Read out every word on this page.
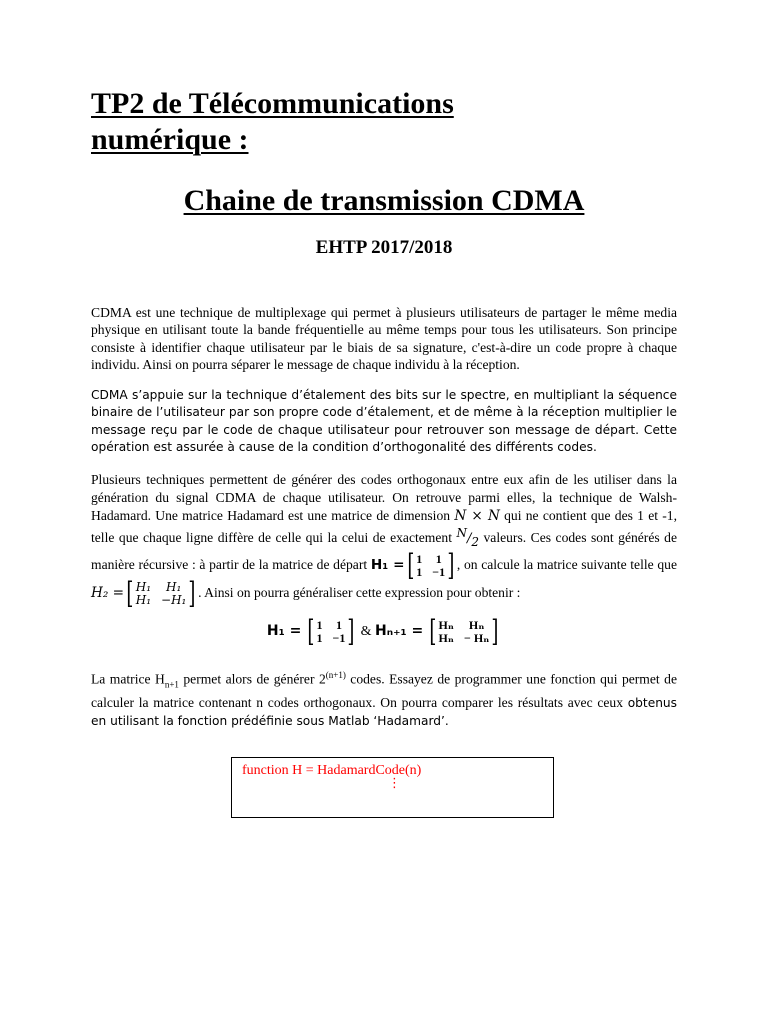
TP2 de Télécommunications
numérique :
Chaine de transmission CDMA
EHTP 2017/2018

CDMA est une technique de multiplexage qui permet à plusieurs utilisateurs de partager le même media physique en utilisant toute la bande fréquentielle au même temps pour tous les utilisateurs. Son principe consiste à identifier chaque utilisateur par le biais de sa signature, c'est-à-dire un code propre à chaque individu. Ainsi on pourra séparer le message de chaque individu à la réception.

CDMA s’appuie sur la technique d’étalement des bits sur le spectre, en multipliant la séquence binaire de l’utilisateur par son propre code d’étalement, et de même à la réception multiplier le message reçu par le code de chaque utilisateur pour retrouver son message de départ. Cette opération est assurée à cause de la condition d’orthogonalité des différents codes.

Plusieurs techniques permettent de générer des codes orthogonaux entre eux afin de les utiliser dans la génération du signal CDMA de chaque utilisateur. On retrouve parmi elles, la technique de Walsh-Hadamard. Une matrice Hadamard est une matrice de dimension N × N qui ne contient que des 1 et -1, telle que chaque ligne diffère de celle qui la celui de exactement $^N/_2$ valeurs. Ces codes sont générés de manière récursive : à partir de la matrice de départ H₁ = [ 1 1
1 −1 ] , on calcule la matrice suivante telle que H₂ = [ H₁	H₁
H₁ −H₁ ] . Ainsi on pourra généraliser cette expression pour obtenir :

H₁ = [ 1 1
1 −1 ] & Hₙ₊₁ = [ Hₙ	Hₙ
Hₙ − Hₙ ]

La matrice $H_{n+1}$ permet alors de générer $2^{(n+1)}$ codes. Essayez de programmer une fonction qui permet de calculer la matrice contenant n codes orthogonaux. On pourra comparer les résultats avec ceux obtenus en utilisant la fonction prédéfinie sous Matlab ‘Hadamard’.

function H = HadamardCode(n)
⋮
